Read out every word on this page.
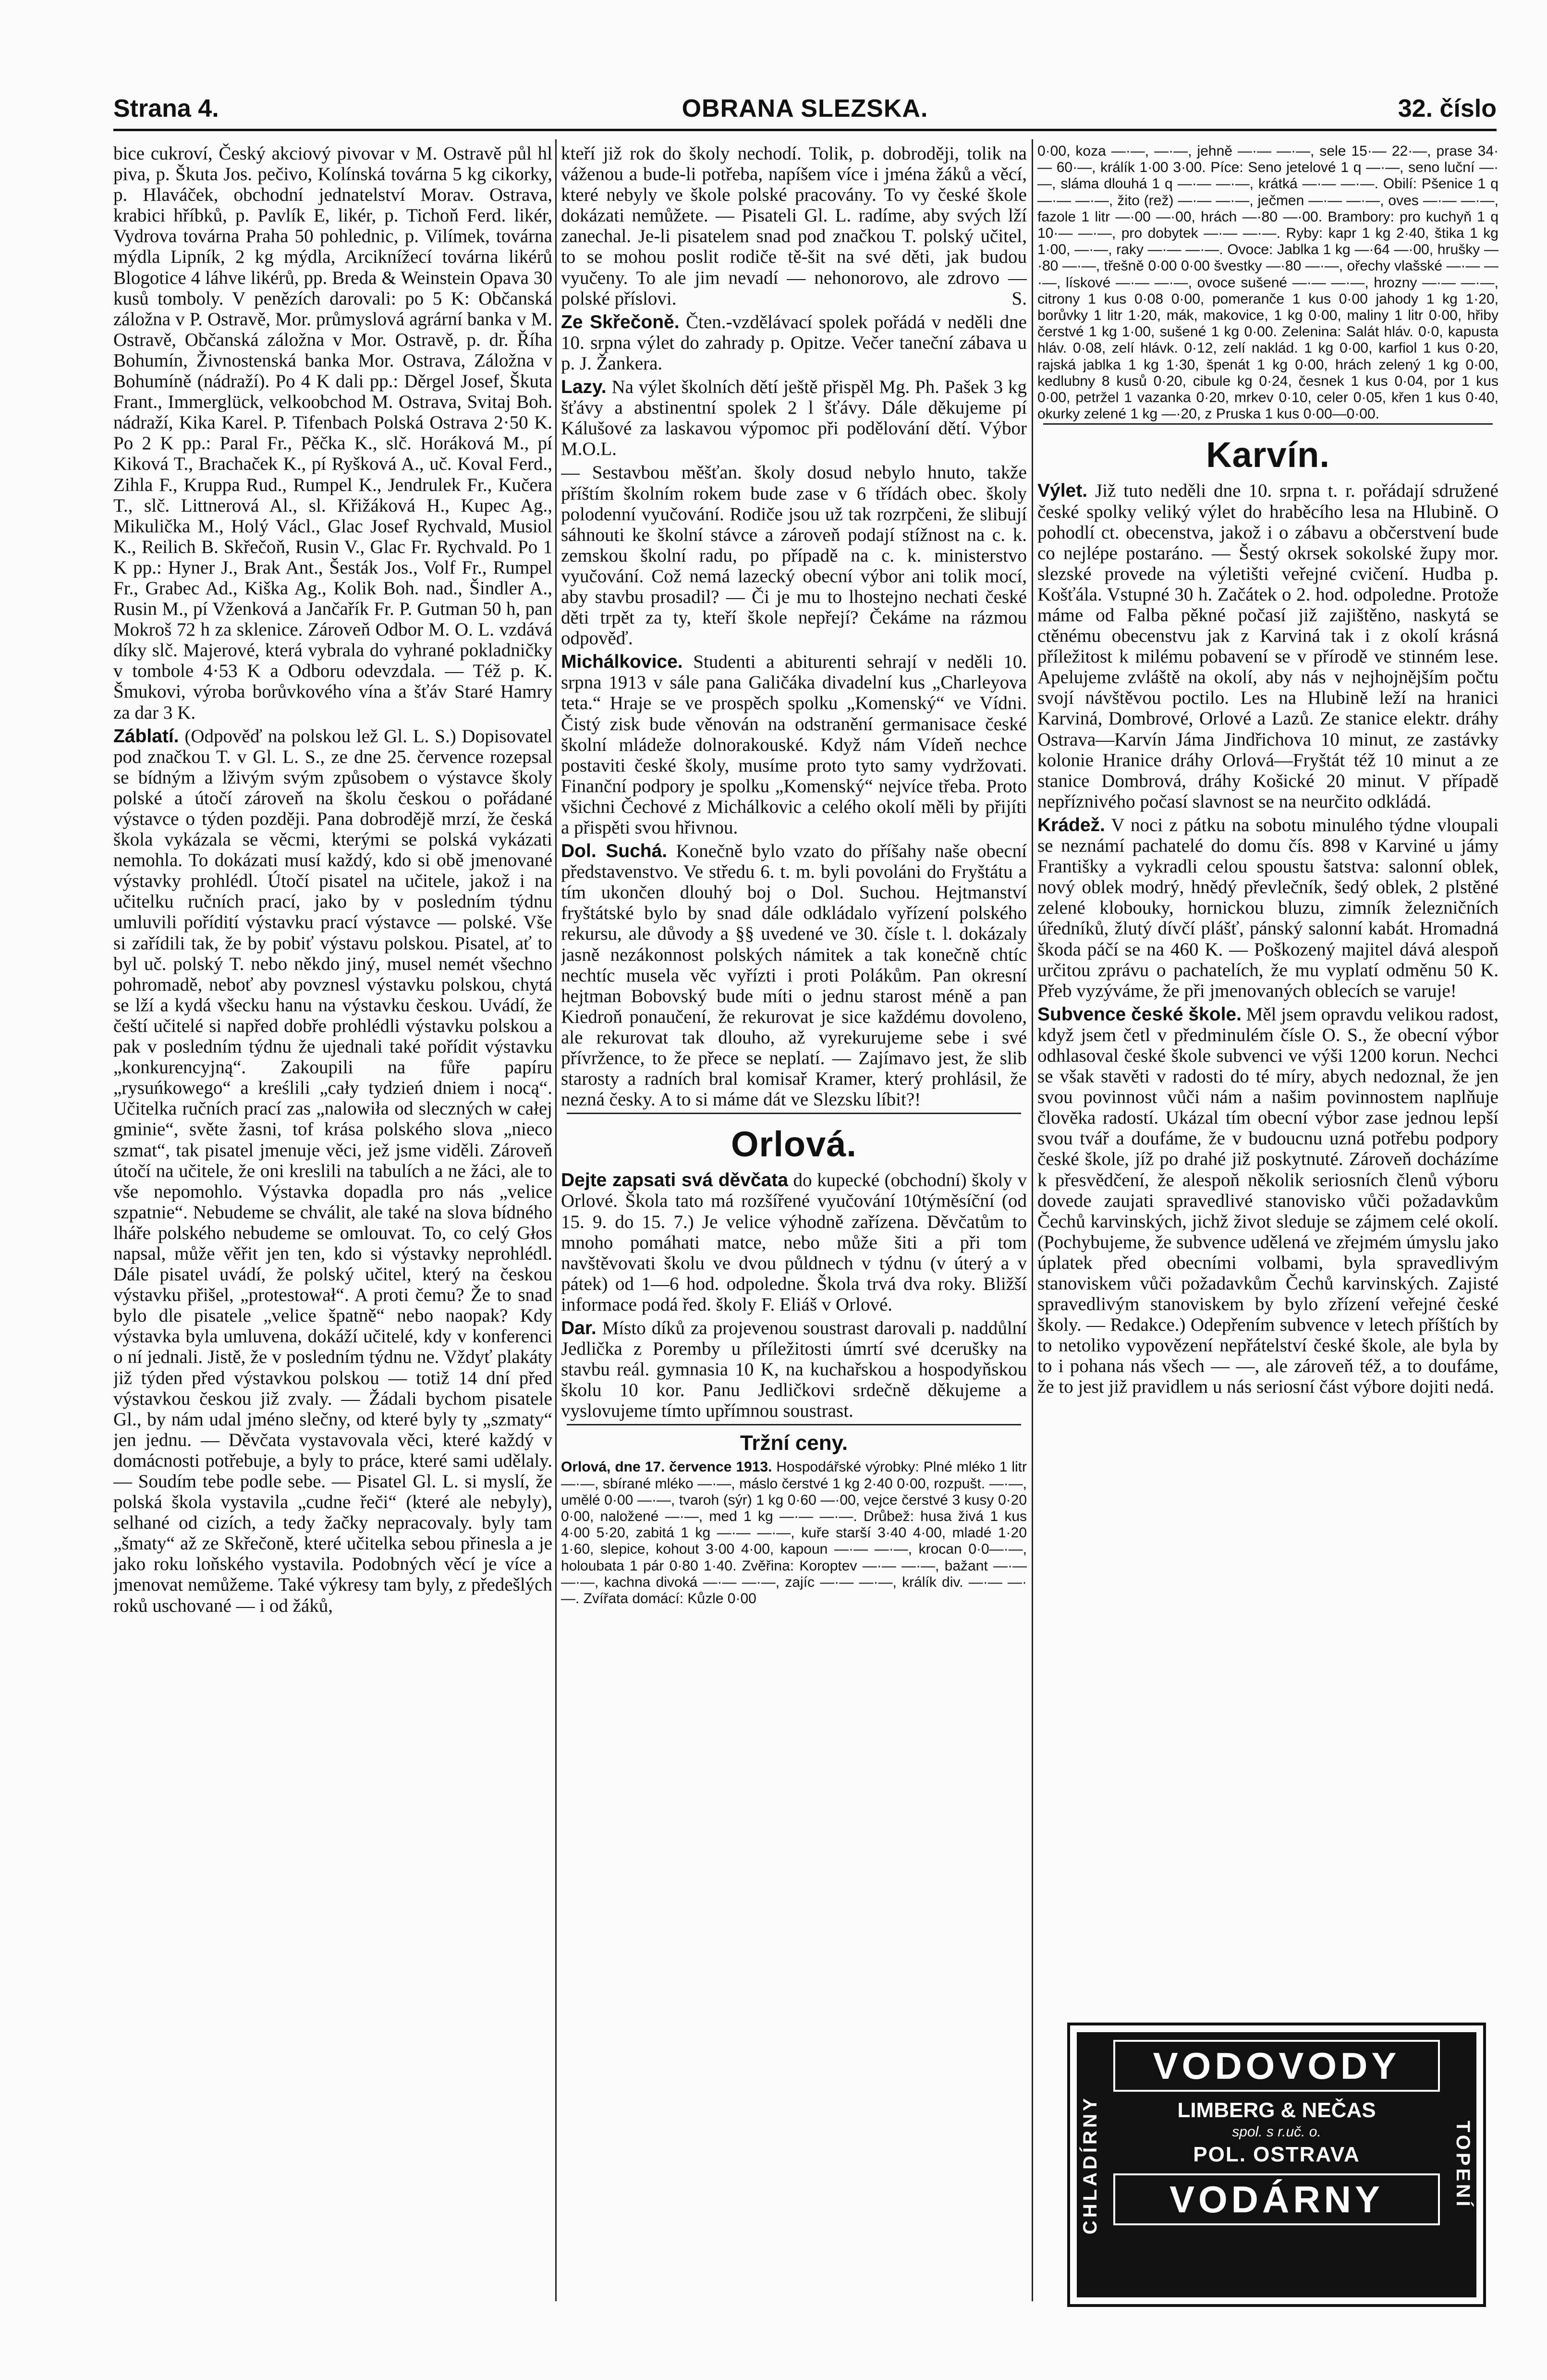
Strana 4.	OBRANA SLEZSKA.	32. číslo

bice cukroví, Český akciový pivovar v M. Ostravě půl hl piva, p. Škuta Jos. pečivo, Kolínská továrna 5 kg cikorky, p. Hlaváček, obchodní jednatelství Morav. Ostrava, krabici hříbků, p. Pavlík E, likér, p. Tichoň Ferd. likér, Vydrova továrna Praha 50 pohlednic, p. Vilímek, továrna mýdla Lipník, 2 kg mýdla, Arciknížecí továrna likérů Blogotice 4 láhve likérů, pp. Breda & Weinstein Opava 30 kusů tomboly. V penězích darovali: po 5 K: Občanská záložna v P. Ostravě, Mor. průmyslová agrární banka v M. Ostravě, Občanská záložna v Mor. Ostravě, p. dr. Říha Bohumín, Živnostenská banka Mor. Ostrava, Záložna v Bohumíně (nádraží). Po 4 K dali pp.: Děrgel Josef, Škuta Frant., Immerglück, velkoobchod M. Ostrava, Svitaj Boh. nádraží, Kika Karel. P. Tifenbach Polská Ostrava 2·50 K. Po 2 K pp.: Paral Fr., Pěčka K., slč. Horáková M., pí Kiková T., Brachaček K., pí Ryšková A., uč. Koval Ferd., Zihla F., Kruppa Rud., Rumpel K., Jendrulek Fr., Kučera T., slč. Littnerová Al., sl. Křižáková H., Kupec Ag., Mikulička M., Holý Václ., Glac Josef Rychvald, Musiol K., Reilich B. Skřečoň, Rusin V., Glac Fr. Rychvald. Po 1 K pp.: Hyner J., Brak Ant., Šesták Jos., Volf Fr., Rumpel Fr., Grabec Ad., Kiška Ag., Kolik Boh. nad., Šindler A., Rusin M., pí Vženková a Jančařík Fr. P. Gutman 50 h, pan Mokroš 72 h za sklenice. Zároveň Odbor M. O. L. vzdává díky slč. Majerové, která vybrala do vyhrané pokladničky v tombole 4·53 K a Odboru odevzdala. — Též p. K. Šmukovi, výroba borůvkového vína a šťáv Staré Hamry za dar 3 K.

Záblatí. (Odpověď na polskou lež Gl. L. S.) Dopisovatel pod značkou T. v Gl. L. S., ze dne 25. července rozepsal se bídným a lživým svým způsobem o výstavce školy polské a útočí zároveň na školu českou o pořádané výstavce o týden později. Pana dobrodějě mrzí, že česká škola vykázala se věcmi, kterými se polská vykázati nemohla. To dokázati musí každý, kdo si obě jmenované výstavky prohlédl. Útočí pisatel na učitele, jakož i na učitelku ručních prací, jako by v posledním týdnu umluvili pořídití výstavku prací výstavce — polské. Vše si zařídili tak, že by pobiť výstavu polskou. Pisatel, ať to byl uč. polský T. nebo někdo jiný, musel nemét všechno pohromadě, neboť aby povznesl výstavku polskou, chytá se lží a kydá všecku hanu na výstavku českou. Uvádí, že čeští učitelé si napřed dobře prohlédli výstavku polskou a pak v posledním týdnu že ujednali také pořídit výstavku „konkurencyjną“. Zakoupili na fůře papíru „rysuńkowego“ a kreślili „cały tydzień dniem i nocą“. Učitelka ručních prací zas „nalowiła od sleczných w całej gminie“, světe žasni, tof krása polského slova „nieco szmat“, tak pisatel jmenuje věci, jež jsme viděli. Zároveň útočí na učitele, že oni kreslili na tabulích a ne žáci, ale to vše nepomohlo. Výstavka dopadla pro nás „velice szpatnie“. Nebudeme se chválit, ale také na slova bídného lháře polského nebudeme se omlouvat. To, co celý Głos napsal, může věřit jen ten, kdo si výstavky neprohlédl. Dále pisatel uvádí, že polský učitel, který na českou výstavku přišel, „protestował“. A proti čemu? Že to snad bylo dle pisatele „velice špatně“ nebo naopak? Kdy výstavka byla umluvena, dokáží učitelé, kdy v konferenci o ní jednali. Jistě, že v posledním týdnu ne. Vždyť plakáty již týden před výstavkou polskou — totiž 14 dní před výstavkou českou již zvaly. — Žádali bychom pisatele Gl., by nám udal jméno slečny, od které byly ty „szmaty“ jen jednu. — Děvčata vystavovala věci, které každý v domácnosti potřebuje, a byly to práce, které sami udělaly. — Soudím tebe podle sebe. — Pisatel Gl. L. si myslí, že polská škola vystavila „cudne řeči“ (které ale nebyly), selhané od cizích, a tedy žačky nepracovaly. byly tam „šmaty“ až ze Skřečoně, které učitelka sebou přinesla a je jako roku loňského vystavila. Podobných věcí je více a jmenovat nemůžeme. Také výkresy tam byly, z předešlých roků uschované — i od žáků,

kteří již rok do školy nechodí. Tolik, p. dobroději, tolik na váženou a bude-li potřeba, napíšem více i jména žáků a věcí, které nebyly ve škole polské pracovány. To vy české škole dokázati nemůžete. — Pisateli Gl. L. radíme, aby svých lží zanechal. Je-li pisatelem snad pod značkou T. polský učitel, to se mohou poslit rodiče tě-šit na své děti, jak budou vyučeny. To ale jim nevadí — nehonorovo, ale zdrovo — polské příslovi.	S.

Ze Skřečoně. Čten.-vzdělávací spolek pořádá v neděli dne 10. srpna výlet do zahrady p. Opitze. Večer taneční zábava u p. J. Žankera.

Lazy. Na výlet školních dětí ještě přispěl Mg. Ph. Pašek 3 kg šťávy a abstinentní spolek 2 l šťávy. Dále děkujeme pí Kálušové za laskavou výpomoc při podělování dětí. Výbor M.O.L.

— Sestavbou měšťan. školy dosud nebylo hnuto, takže příštím školním rokem bude zase v 6 třídách obec. školy polodenní vyučování. Rodiče jsou už tak rozrpčeni, že slibují sáhnouti ke školní stávce a zároveň podají stížnost na c. k. zemskou školní radu, po případě na c. k. ministerstvo vyučování. Což nemá lazecký obecní výbor ani tolik mocí, aby stavbu prosadil? — Či je mu to lhostejno nechati české děti trpět za ty, kteří škole nepřejí? Čekáme na rázmou odpověď.

Michálkovice. Studenti a abiturenti sehrají v neděli 10. srpna 1913 v sále pana Galičáka divadelní kus „Charleyova teta.“ Hraje se ve prospěch spolku „Komenský“ ve Vídni. Čistý zisk bude věnován na odstranění germanisace české školní mládeže dolnorakouské. Když nám Vídeň nechce postaviti české školy, musíme proto tyto samy vydržovati. Finanční podpory je spolku „Komenský“ nejvíce třeba. Proto všichni Čechové z Michálkovic a celého okolí měli by přijíti a přispěti svou hřivnou.

Dol. Suchá. Konečně bylo vzato do příšahy naše obecní představenstvo. Ve středu 6. t. m. byli povoláni do Fryštátu a tím ukončen dlouhý boj o Dol. Suchou. Hejtmanství fryštátské bylo by snad dále odkládalo vyřízení polského rekursu, ale důvody a §§ uvedené ve 30. čísle t. l. dokázaly jasně nezákonnost polských námitek a tak konečně chtíc nechtíc musela věc vyřízti i proti Polákům. Pan okresní hejtman Bobovský bude míti o jednu starost méně a pan Kiedroň ponaučení, že rekurovat je sice každému dovoleno, ale rekurovat tak dlouho, až vyrekurujeme sebe i své přívržence, to že přece se neplatí. — Zajímavo jest, že slib starosty a radních bral komisař Kramer, který prohlásil, že nezná česky. A to si máme dát ve Slezsku líbit?!

Orlová.

Dejte zapsati svá děvčata do kupecké (obchodní) školy v Orlové. Škola tato má rozšířené vyučování 10týměsíční (od 15. 9. do 15. 7.) Je velice výhodně zařízena. Děvčatům to mnoho pomáhati matce, nebo může šiti a při tom navštěvovati školu ve dvou půldnech v týdnu (v úterý a v pátek) od 1—6 hod. odpoledne. Škola trvá dva roky. Bližší informace podá řed. školy F. Eliáš v Orlové.

Dar. Místo díků za projevenou soustrast darovali p. naddůlní Jedlička z Poremby u příležitosti úmrtí své dcerušky na stavbu reál. gymnasia 10 K, na kuchařskou a hospodyňskou školu 10 kor. Panu Jedličkovi srdečně děkujeme a vyslovujeme tímto upřímnou soustrast.

Tržní ceny.

Orlová, dne 17. července 1913. Hospodářské výrobky: Plné mléko 1 litr —·—, sbírané mléko —·—, máslo čerstvé 1 kg 2·40 0·00, rozpušt. —·—, umělé 0·00 —·—, tvaroh (sýr) 1 kg 0·60 —·00, vejce čerstvé 3 kusy 0·20 0·00, naložené —·—, med 1 kg —·— —·—. Drůbež: husa živá 1 kus 4·00 5·20, zabitá 1 kg —·— —·—, kuře starší 3·40 4·00, mladé 1·20 1·60, slepice, kohout 3·00 4·00, kapoun —·— —·—, krocan 0·0—·—, holoubata 1 pár 0·80 1·40. Zvěřina: Koroptev —·— —·—, bažant —·— —·—, kachna divoká —·— —·—, zajíc —·— —·—, králík div. —·— —·—. Zvířata domácí: Kůzle 0·00

0·00, koza —·—, —·—, jehně —·— —·—, sele 15·— 22·—, prase 34·— 60·—, králík 1·00 3·00. Píce: Seno jetelové 1 q —·—, seno luční —·—, sláma dlouhá 1 q —·— —·—, krátká —·— —·—. Obilí: Pšenice 1 q —·— —·—, žito (rež) —·— —·—, ječmen —·— —·—, oves —·— —·—, fazole 1 litr —·00 —·00, hrách —·80 —·00. Brambory: pro kuchyň 1 q 10·— —·—, pro dobytek —·— —·—. Ryby: kapr 1 kg 2·40, štika 1 kg 1·00, —·—, raky —·— —·—. Ovoce: Jablka 1 kg —·64 —·00, hrušky —·80 —·—, třešně 0·00 0·00 švestky —·80 —·—, ořechy vlašské —·— —·—, lískové —·— —·—, ovoce sušené —·— —·—, hrozny —·— —·—, citrony 1 kus 0·08 0·00, pomeranče 1 kus 0·00 jahody 1 kg 1·20, borůvky 1 litr 1·20, mák, makovice, 1 kg 0·00, maliny 1 litr 0·00, hřiby čerstvé 1 kg 1·00, sušené 1 kg 0·00. Zelenina: Salát hláv. 0·0, kapusta hláv. 0·08, zelí hlávk. 0·12, zelí naklád. 1 kg 0·00, karfiol 1 kus 0·20, rajská jablka 1 kg 1·30, špenát 1 kg 0·00, hrách zelený 1 kg 0·00, kedlubny 8 kusů 0·20, cibule kg 0·24, česnek 1 kus 0·04, por 1 kus 0·00, petržel 1 vazanka 0·20, mrkev 0·10, celer 0·05, křen 1 kus 0·40, okurky zelené 1 kg —·20, z Pruska 1 kus 0·00—0·00.

Karvín.

Výlet. Již tuto neděli dne 10. srpna t. r. pořádají sdružené české spolky veliký výlet do hraběcího lesa na Hlubině. O pohodlí ct. obecenstva, jakož i o zábavu a občerstvení bude co nejlépe postaráno. — Šestý okrsek sokolské župy mor. slezské provede na výletišti veřejné cvičení. Hudba p. Košťála. Vstupné 30 h. Začátek o 2. hod. odpoledne. Protože máme od Falba pěkné počasí již zajištěno, naskytá se ctěnému obecenstvu jak z Karviná tak i z okolí krásná příležitost k milému pobavení se v přírodě ve stinném lese. Apelujeme zvláště na okolí, aby nás v nejhojnějším počtu svojí návštěvou poctilo. Les na Hlubině leží na hranici Karviná, Dombrové, Orlové a Lazů. Ze stanice elektr. dráhy Ostrava—Karvín Jáma Jindřichova 10 minut, ze zastávky kolonie Hranice dráhy Orlová—Fryštát též 10 minut a ze stanice Dombrová, dráhy Košické 20 minut. V případě nepříznivého počasí slavnost se na neurčito odkládá.

Krádež. V noci z pátku na sobotu minulého týdne vloupali se neznámí pachatelé do domu čís. 898 v Karviné u jámy Františky a vykradli celou spoustu šatstva: salonní oblek, nový oblek modrý, hnědý převlečník, šedý oblek, 2 plstěné zelené klobouky, hornickou bluzu, zimník železničních úředníků, žlutý dívčí plášť, pánský salonní kabát. Hromadná škoda páčí se na 460 K. — Poškozený majitel dává alespoň určitou zprávu o pachatelích, že mu vyplatí odměnu 50 K. Přeb vyzýváme, že při jmenovaných oblecích se varuje!

Subvence české škole. Měl jsem opravdu velikou radost, když jsem četl v předminulém čísle O. S., že obecní výbor odhlasoval české škole subvenci ve výši 1200 korun. Nechci se však stavěti v radosti do té míry, abych nedoznal, že jen svou povinnost vůči nám a našim povinnostem naplňuje člověka radostí. Ukázal tím obecní výbor zase jednou lepší svou tvář a doufáme, že v budoucnu uzná potřebu podpory české škole, jíž po drahé již poskytnuté. Zároveň docházíme k přesvědčení, že alespoň několik seriosních členů výboru dovede zaujati spravedlivé stanovisko vůči požadavkům Čechů karvinských, jichž život sleduje se zájmem celé okolí. (Pochybujeme, že subvence udělená ve zřejmém úmyslu jako úplatek před obecními volbami, byla spravedlivým stanoviskem vůči požadavkům Čechů karvinských. Zajisté spravedlivým stanoviskem by bylo zřízení veřejné české školy. — Redakce.) Odepřením subvence v letech příštích by to netoliko vypovězení nepřátelství české škole, ale byla by to i pohana nás všech — —, ale zároveň též, a to doufáme, že to jest již pravidlem u nás seriosní část výbore dojiti nedá.

CHLADÍRNY	TOPENÍ
VODOVODY
LIMBERG & NEČAS
spol. s r.uč. o.
POL. OSTRAVA
VODÁRNY
